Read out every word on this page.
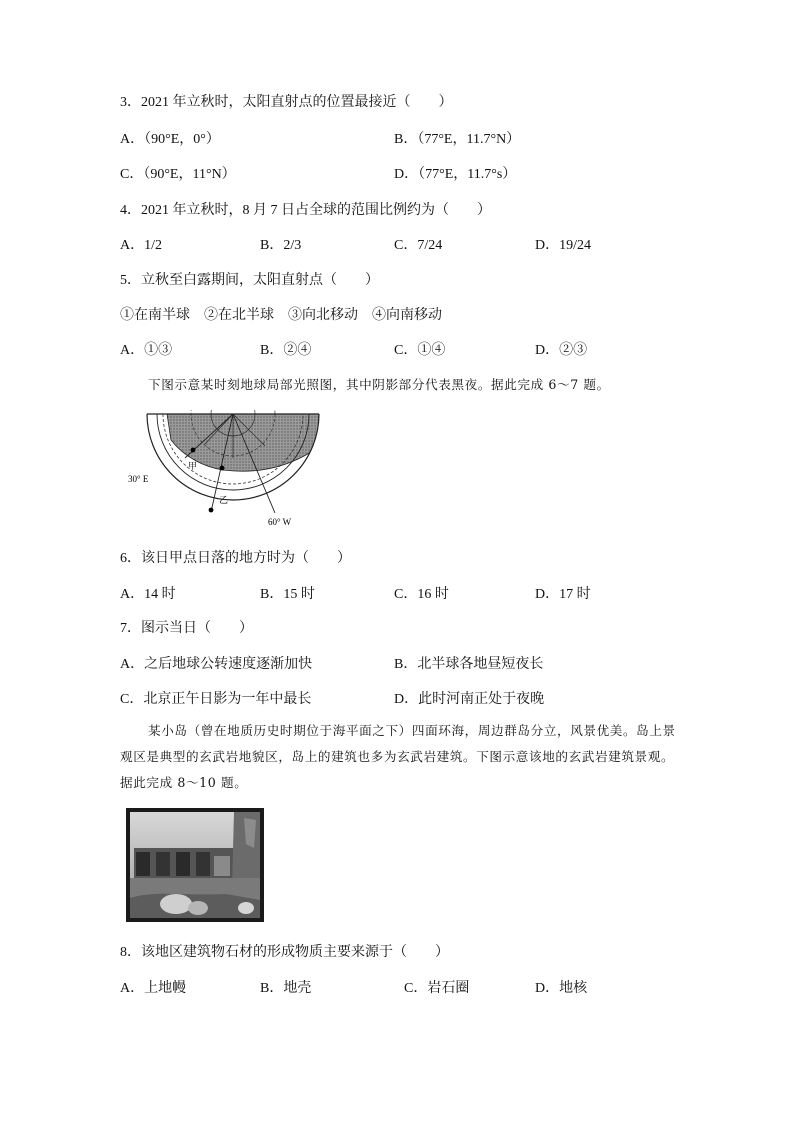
3．2021 年立秋时，太阳直射点的位置最接近（　　）
A．（90°E，0°）	B．（77°E，11.7°N）
C．（90°E，11°N）	D．（77°E，11.7°s）
4．2021 年立秋时，8 月 7 日占全球的范围比例约为（　　）
A．1/2	B．2/3	C．7/24	D．19/24
5．立秋至白露期间，太阳直射点（　　）
①在南半球　②在北半球　③向北移动　④向南移动
A．①③	B．②④	C．①④	D．②③
下图示意某时刻地球局部光照图，其中阴影部分代表黑夜。据此完成 6～7 题。
甲
乙
30° E
60° W
6．该日甲点日落的地方时为（　　）
A．14 时	B．15 时	C．16 时	D．17 时
7．图示当日（　　）
A．之后地球公转速度逐渐加快	B．北半球各地昼短夜长
C．北京正午日影为一年中最长	D．此时河南正处于夜晚

某小岛（曾在地质历史时期位于海平面之下）四面环海，周边群岛分立，风景优美。岛上景观区是典型的玄武岩地貌区，岛上的建筑也多为玄武岩建筑。下图示意该地的玄武岩建筑景观。据此完成 8～10 题。

8．该地区建筑物石材的形成物质主要来源于（　　）
A．上地幔	B．地壳	C．岩石圈	D．地核
